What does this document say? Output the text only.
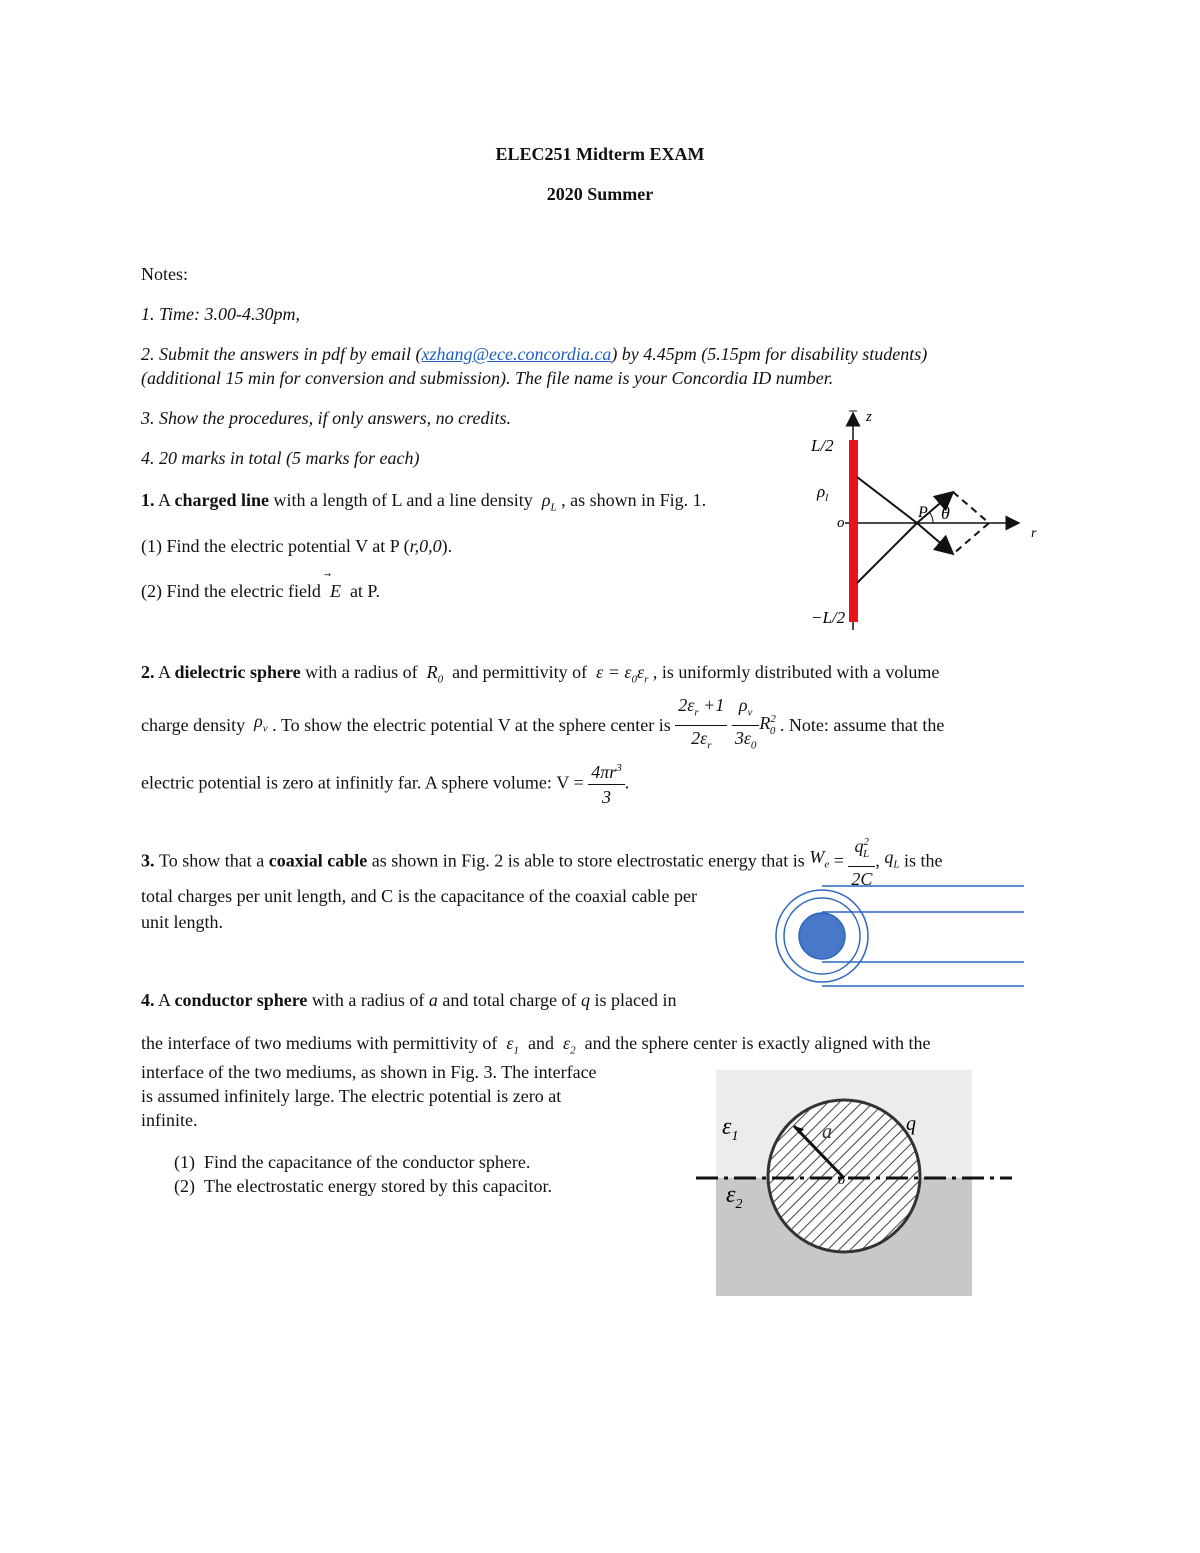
ELEC251 Midterm EXAM
2020 Summer
Notes:
1. Time: 3.00-4.30pm,
2. Submit the answers in pdf by email (xzhang@ece.concordia.ca) by 4.45pm (5.15pm for disability students)
(additional 15 min for conversion and submission). The file name is your Concordia ID number.
3. Show the procedures, if only answers, no credits.
4. 20 marks in total (5 marks for each)
1. A charged line with a length of L and a line density $\rho_L$ , as shown in Fig. 1.
(1) Find the electric potential V at P (r,0,0).
(2) Find the electric field E at P.
L/2
z
$\rho_l$
o
P θ
r
−L/2
2. A dielectric sphere with a radius of $R_0$ and permittivity of $\varepsilon = \varepsilon_0\varepsilon_r$ , is uniformly distributed with a volume
charge density $\rho_v$ . To show the electric potential V at the sphere center is $\frac{2\varepsilon_r +1}{2\varepsilon_r}$
$\frac{\rho_v}{3\varepsilon_0} R^2_0$ . Note: assume that the
electric potential is zero at infinitly far. A sphere volume: $V = \frac{4\pi r^3}{3}$ .
3. To show that a coaxial cable as shown in Fig. 2 is able to store electrostatic energy that is $W_e = \frac{q^2_L}{2C}$ , $q_L$ is the
total charges per unit length, and C is the capacitance of the coaxial cable per
unit length.
4. A conductor sphere with a radius of a and total charge of q is placed in
the interface of two mediums with permittivity of $\varepsilon_1$ and $\varepsilon_2$ and the sphere center is exactly aligned with the
interface of the two mediums, as shown in Fig. 3. The interface
is assumed infinitely large. The electric potential is zero at
infinite.
(1) Find the capacitance of the conductor sphere.
(2) The electrostatic energy stored by this capacitor.
$\varepsilon_1$
$\varepsilon_2$
a	q
o
